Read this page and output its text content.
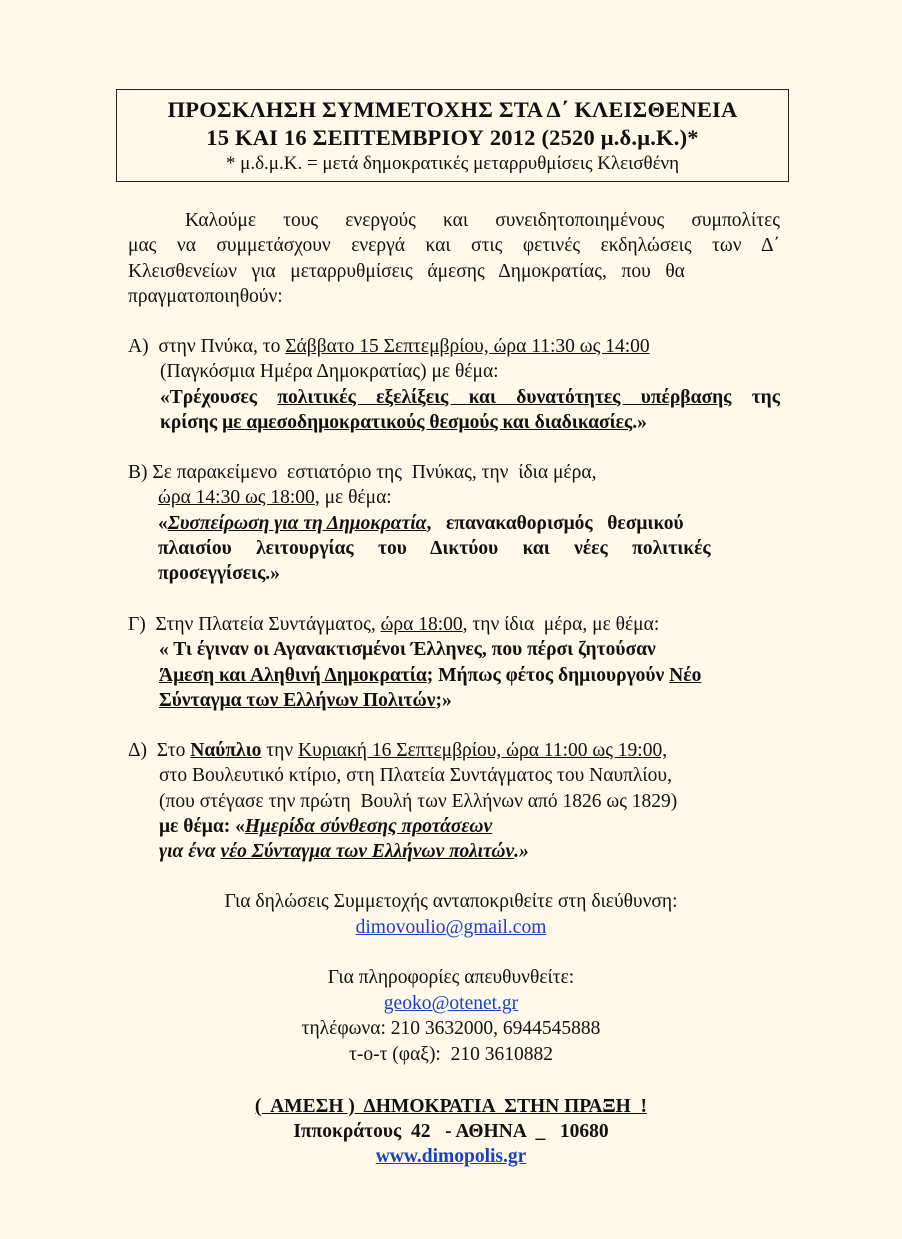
ΠΡΟΣΚΛΗΣΗ ΣΥΜΜΕΤΟΧΗΣ ΣΤΑ Δ΄ ΚΛΕΙΣΘΕΝΕΙΑ
15 ΚΑΙ 16 ΣΕΠΤΕΜΒΡΙΟΥ 2012 (2520 μ.δ.μ.Κ.)*
* μ.δ.μ.Κ. = μετά δημοκρατικές μεταρρυθμίσεις Κλεισθένη
Καλούμε τους ενεργούς και συνειδητοποιημένους συμπολίτες
μας να συμμετάσχουν ενεργά και στις φετινές εκδηλώσεις των Δ΄
Κλεισθενείων   για   μεταρρυθμίσεις   άμεσης   Δημοκρατίας,   που   θα
πραγματοποιηθούν:
Α)  στην Πνύκα, το Σάββατο 15 Σεπτεμβρίου, ώρα 11:30 ως 14:00
(Παγκόσμια Ημέρα Δημοκρατίας) με θέμα:
«Τρέχουσες πολιτικές εξελίξεις και δυνατότητες υπέρβασης της
κρίσης με αμεσοδημοκρατικούς θεσμούς και διαδικασίες.»
Β) Σε παρακείμενο  εστιατόριο της  Πνύκας, την  ίδια μέρα,
ώρα 14:30 ως 18:00, με θέμα:
«Συσπείρωση για τη Δημοκρατία,   επανακαθορισμός   θεσμικού
πλαισίου     λειτουργίας     του     Δικτύου     και     νέες     πολιτικές
προσεγγίσεις.»
Γ)  Στην Πλατεία Συντάγματος, ώρα 18:00, την ίδια  μέρα, με θέμα:
« Τι έγιναν οι Αγανακτισμένοι Έλληνες, που πέρσι ζητούσαν
Άμεση και Αληθινή Δημοκρατία; Μήπως φέτος δημιουργούν Νέο
Σύνταγμα των Ελλήνων Πολιτών;»
Δ)  Στο Ναύπλιο την Κυριακή 16 Σεπτεμβρίου, ώρα 11:00 ως 19:00,
στο Βουλευτικό κτίριο, στη Πλατεία Συντάγματος του Ναυπλίου,
(που στέγασε την πρώτη  Βουλή των Ελλήνων από 1826 ως 1829)
με θέμα: «Ημερίδα σύνθεσης προτάσεων
για ένα νέο Σύνταγμα των Ελλήνων πολιτών.»
Για δηλώσεις Συμμετοχής ανταποκριθείτε στη διεύθυνση:
dimovoulio@gmail.com
Για πληροφορίες απευθυνθείτε:
geoko@otenet.gr
τηλέφωνα: 210 3632000, 6944545888
τ-ο-τ (φαξ):  210 3610882
(  ΑΜΕΣΗ )  ΔΗΜΟΚΡΑΤΙΑ  ΣΤΗΝ ΠΡΑΞΗ  !
Ιπποκράτους  42   - ΑΘΗΝΑ  _   10680
www.dimopolis.gr
